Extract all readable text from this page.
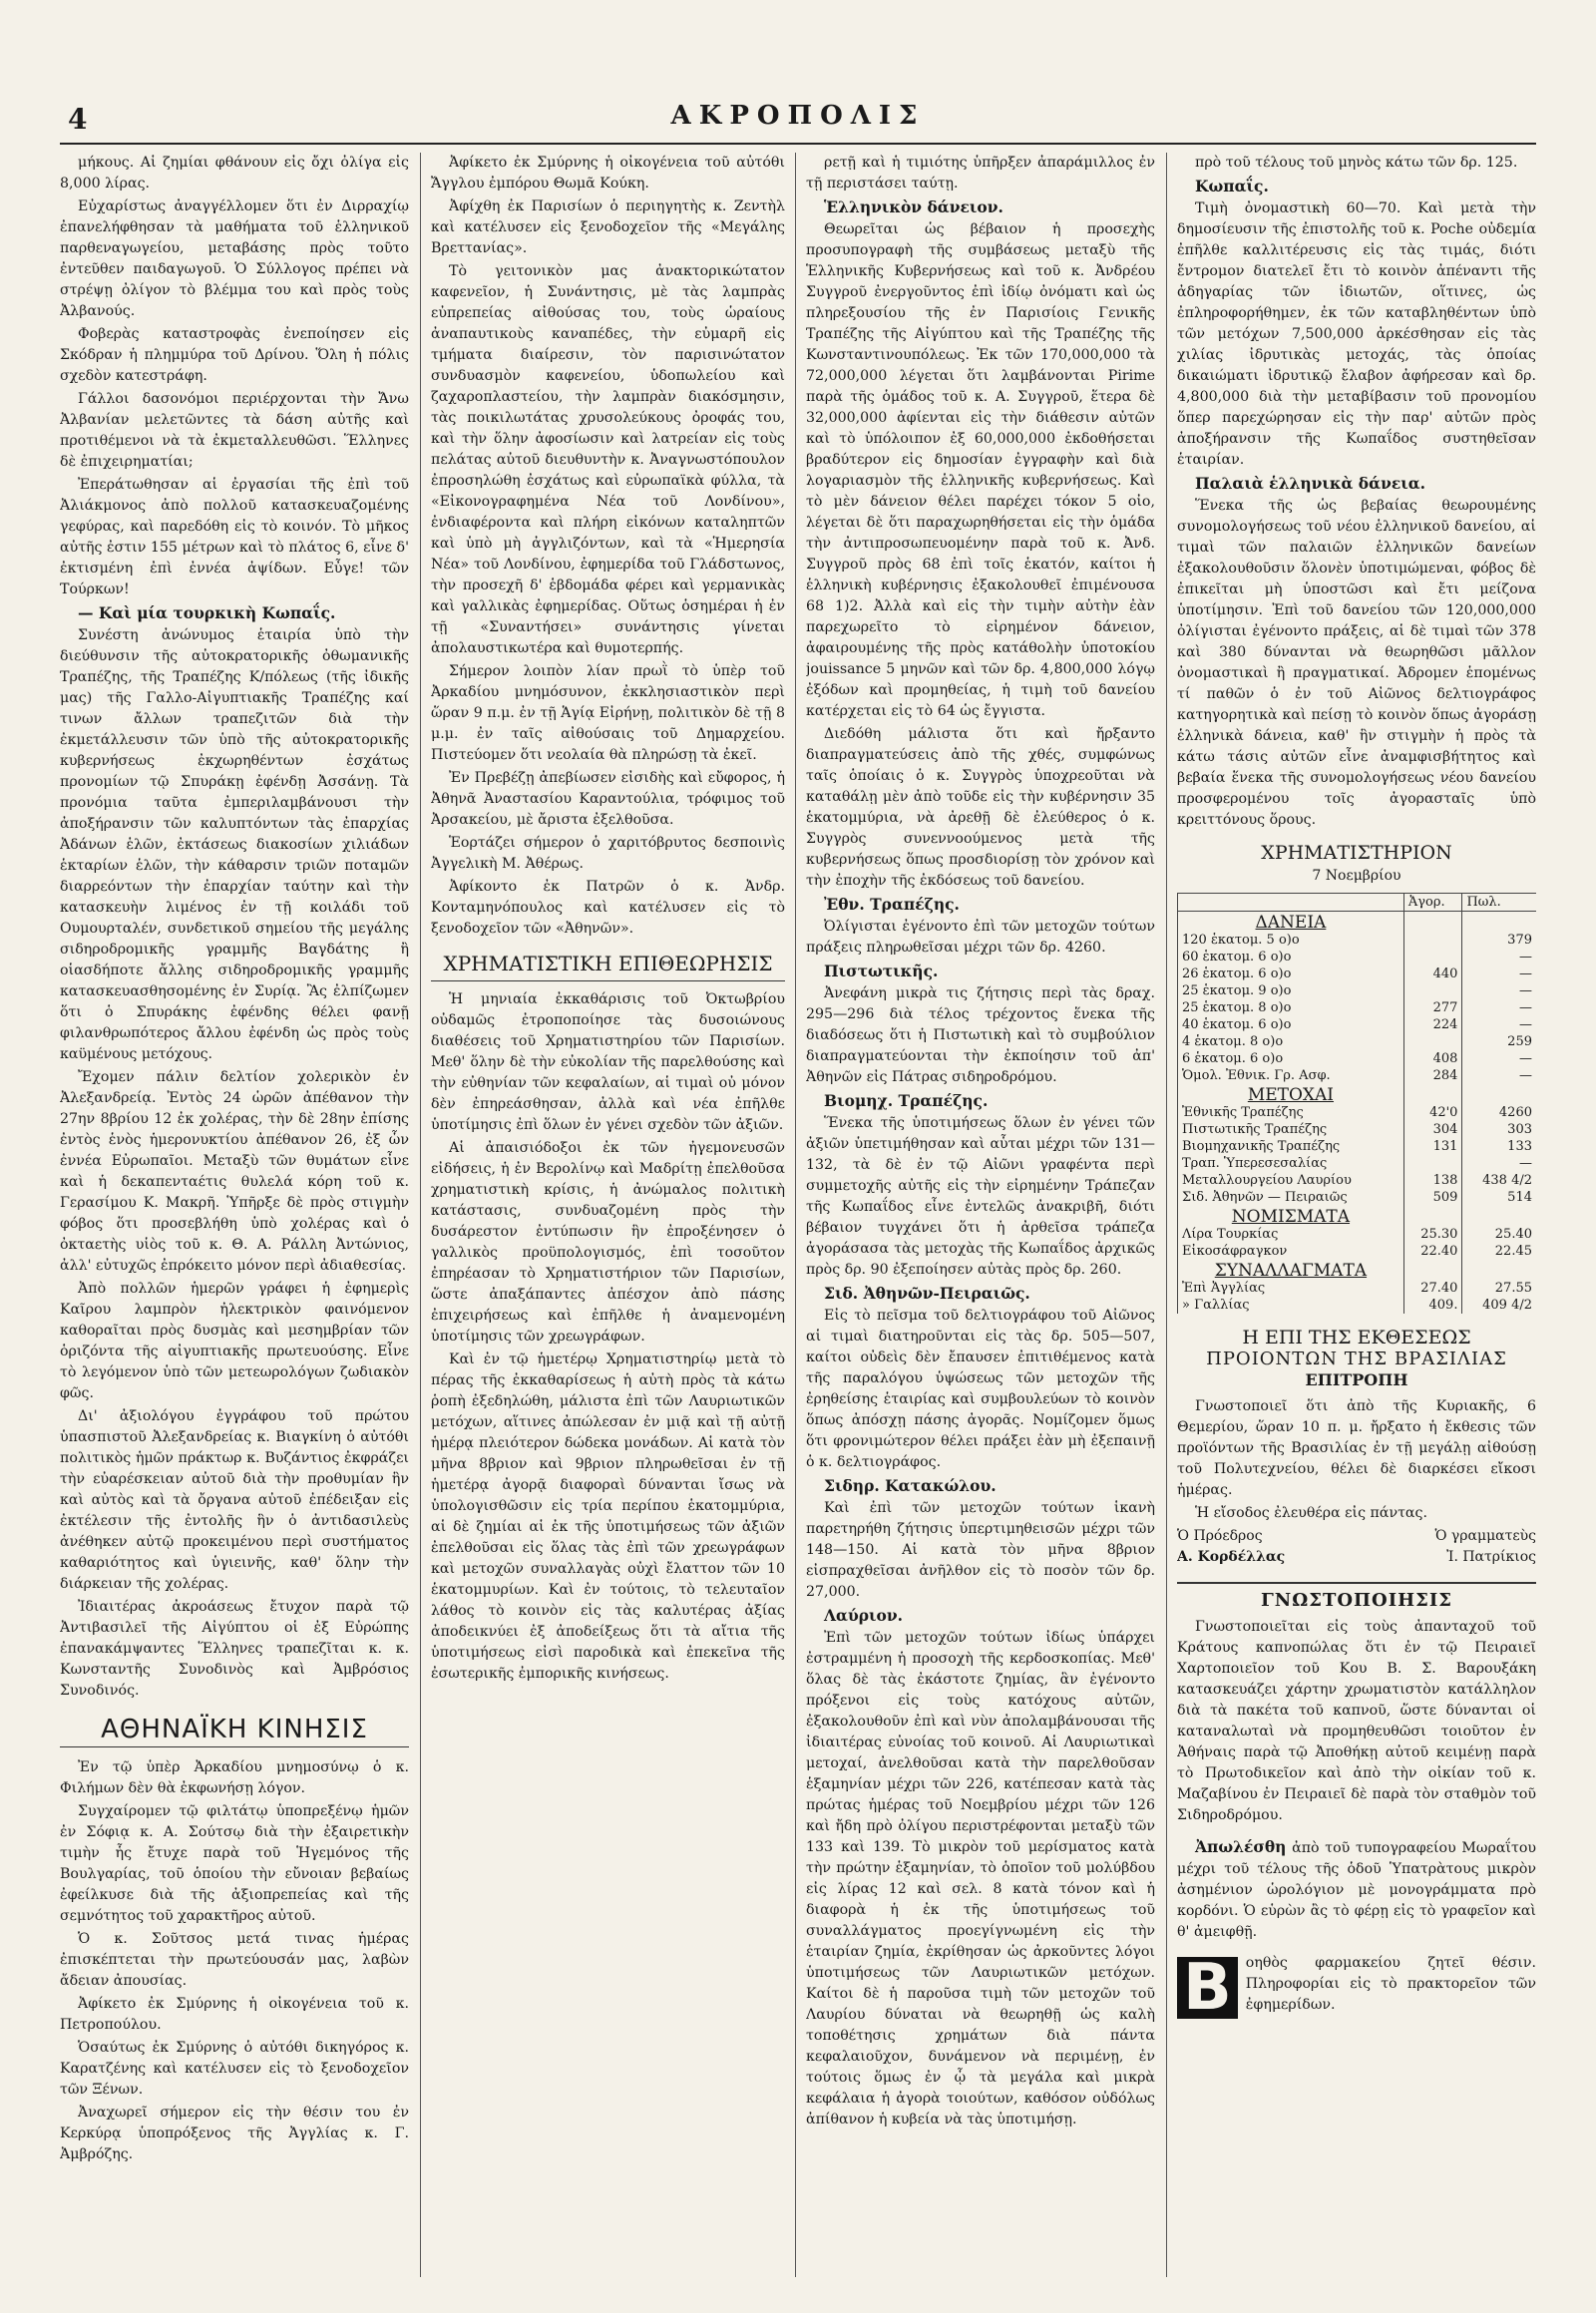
4	ΑΚΡΟΠΟΛΙΣ

μήκους. Αἱ ζημίαι φθάνουν εἰς ὄχι ὀλίγα εἰς 8,000 λίρας.

Εὐχαρίστως ἀναγγέλλομεν ὅτι ἐν Διρραχίῳ ἐπανελήφθησαν τὰ μαθήματα τοῦ ἑλληνικοῦ παρθεναγωγείου, μεταβάσης πρὸς τοῦτο ἐντεῦθεν παιδαγωγοῦ. Ὁ Σύλλογος πρέπει νὰ στρέψῃ ὀλίγον τὸ βλέμμα του καὶ πρὸς τοὺς Ἀλβανούς.

Φοβερὰς καταστροφὰς ἐνεποίησεν εἰς Σκόδραν ἡ πλημμύρα τοῦ Δρίνου. Ὅλη ἡ πόλις σχεδὸν κατεστράφη.

Γάλλοι δασονόμοι περιέρχονται τὴν Ἄνω Ἀλβανίαν μελετῶντες τὰ δάση αὐτῆς καὶ προτιθέμενοι νὰ τὰ ἐκμεταλλευθῶσι. Ἕλληνες δὲ ἐπιχειρηματίαι;

Ἐπεράτωθησαν αἱ ἐργασίαι τῆς ἐπὶ τοῦ Ἀλιάκμονος ἀπὸ πολλοῦ κατασκευαζομένης γεφύρας, καὶ παρεδόθη εἰς τὸ κοινόν. Τὸ μῆκος αὐτῆς ἐστιν 155 μέτρων καὶ τὸ πλάτος 6, εἶνε δ' ἐκτισμένη ἐπὶ ἐννέα ἀψίδων. Εὖγε! τῶν Τούρκων!

— Καὶ μία τουρκικὴ Κωπαΐς.

Συνέστη ἀνώνυμος ἑταιρία ὑπὸ τὴν διεύθυνσιν τῆς αὐτοκρατορικῆς ὀθωμανικῆς Τραπέζης, τῆς Τραπέζης Κ/πόλεως (τῆς ἰδικῆς μας) τῆς Γαλλο-Αἰγυπτιακῆς Τραπέζης καί τινων ἄλλων τραπεζιτῶν διὰ τὴν ἐκμετάλλευσιν τῶν ὑπὸ τῆς αὐτοκρατορικῆς κυβερνήσεως ἐκχωρηθέντων ἐσχάτως προνομίων τῷ Σπυράκῃ ἐφένδῃ Ἀσσάνῃ. Τὰ προνόμια ταῦτα ἐμπεριλαμβάνουσι τὴν ἀποξήρανσιν τῶν καλυπτόντων τὰς ἐπαρχίας Ἀδάνων ἑλῶν, ἐκτάσεως διακοσίων χιλιάδων ἑκταρίων ἑλῶν, τὴν κάθαρσιν τριῶν ποταμῶν διαρρεόντων τὴν ἐπαρχίαν ταύτην καὶ τὴν κατασκευὴν λιμένος ἐν τῇ κοιλάδι τοῦ Ουμουρταλέν, συνδετικοῦ σημείου τῆς μεγάλης σιδηροδρομικῆς γραμμῆς Βαγδάτης ἢ οἱασδήποτε ἄλλης σιδηροδρομικῆς γραμμῆς κατασκευασθησομένης ἐν Συρίᾳ. Ἂς ἐλπίζωμεν ὅτι ὁ Σπυράκης ἐφένδης θέλει φανῇ φιλανθρωπότερος ἄλλου ἐφένδη ὡς πρὸς τοὺς καϋμένους μετόχους.

Ἔχομεν πάλιν δελτίον χολερικὸν ἐν Ἀλεξανδρείᾳ. Ἐντὸς 24 ὡρῶν ἀπέθανον τὴν 27ην 8βρίου 12 ἐκ χολέρας, τὴν δὲ 28ην ἐπίσης ἐντὸς ἑνὸς ἡμερονυκτίου ἀπέθανον 26, ἐξ ὧν ἐννέα Εὐρωπαῖοι. Μεταξὺ τῶν θυμάτων εἶνε καὶ ἡ δεκαπενταέτις θυλελά κόρη τοῦ κ. Γερασίμου Κ. Μακρῆ. Ὑπῆρξε δὲ πρὸς στιγμὴν φόβος ὅτι προσεβλήθη ὑπὸ χολέρας καὶ ὁ ὀκταετὴς υἱὸς τοῦ κ. Θ. Α. Ράλλη Ἀντώνιος, ἀλλ' εὐτυχῶς ἐπρόκειτο μόνον περὶ ἀδιαθεσίας.

Ἀπὸ πολλῶν ἡμερῶν γράφει ἡ ἐφημερὶς Καῖρου λαμπρὸν ἠλεκτρικὸν φαινόμενον καθοραῖται πρὸς δυσμὰς καὶ μεσημβρίαν τῶν ὁριζόντα τῆς αἰγυπτιακῆς πρωτευούσης. Εἶνε τὸ λεγόμενον ὑπὸ τῶν μετεωρολόγων ζωδιακὸν φῶς.

Δι' ἀξιολόγου ἐγγράφου τοῦ πρώτου ὑπασπιστοῦ Ἀλεξανδρείας κ. Βιαγκίνη ὁ αὐτόθι πολιτικὸς ἡμῶν πράκτωρ κ. Βυζάντιος ἐκφράζει τὴν εὐαρέσκειαν αὐτοῦ διὰ τὴν προθυμίαν ἣν καὶ αὐτὸς καὶ τὰ ὄργανα αὐτοῦ ἐπέδειξαν εἰς ἐκτέλεσιν τῆς ἐντολῆς ἣν ὁ ἀντιδασιλεὺς ἀνέθηκεν αὐτῷ προκειμένου περὶ συστήματος καθαριότητος καὶ ὑγιεινῆς, καθ' ὅλην τὴν διάρκειαν τῆς χολέρας.

Ἰδιαιτέρας ἀκροάσεως ἔτυχον παρὰ τῷ Ἀντιβασιλεῖ τῆς Αἰγύπτου οἱ ἐξ Εὐρώπης ἐπανακάμψαντες Ἕλληνες τραπεζῖται κ. κ. Κωνσταντῆς Συνοδινὸς καὶ Ἀμβρόσιος Συνοδινός.

ΑΘΗΝΑΪΚΗ ΚΙΝΗΣΙΣ

Ἐν τῷ ὑπὲρ Ἀρκαδίου μνημοσύνῳ ὁ κ. Φιλήμων δὲν θὰ ἐκφωνήσῃ λόγον.

Συγχαίρομεν τῷ φιλτάτῳ ὑποπρεξένῳ ἡμῶν ἐν Σόφιᾳ κ. Α. Σούτσῳ διὰ τὴν ἐξαιρετικὴν τιμὴν ἧς ἔτυχε παρὰ τοῦ Ἡγεμόνος τῆς Βουλγαρίας, τοῦ ὁποίου τὴν εὔνοιαν βεβαίως ἐφείλκυσε διὰ τῆς ἀξιοπρεπείας καὶ τῆς σεμνότητος τοῦ χαρακτῆρος αὐτοῦ.

Ὁ κ. Σοῦτσος μετά τινας ἡμέρας ἐπισκέπτεται τὴν πρωτεύουσάν μας, λαβὼν ἄδειαν ἀπουσίας.

Ἀφίκετο ἐκ Σμύρνης ἡ οἰκογένεια τοῦ κ. Πετροπούλου.

Ὁσαύτως ἐκ Σμύρνης ὁ αὐτόθι δικηγόρος κ. Καρατζένης καὶ κατέλυσεν εἰς τὸ ξενοδοχεῖον τῶν Ξένων.

Ἀναχωρεῖ σήμερον εἰς τὴν θέσιν του ἐν Κερκύρᾳ ὑποπρόξενος τῆς Ἀγγλίας κ. Γ. Ἀμβρόζης.

Ἀφίκετο ἐκ Σμύρνης ἡ οἰκογένεια τοῦ αὐτόθι Ἄγγλου ἐμπόρου Θωμᾶ Κούκη.

Ἀφίχθη ἐκ Παρισίων ὁ περιηγητὴς κ. Ζεντὴλ καὶ κατέλυσεν εἰς ξενοδοχεῖον τῆς «Μεγάλης Βρεττανίας».

Τὸ γειτονικὸν μας ἀνακτορικώτατον καφενεῖον, ἡ Συνάντησις, μὲ τὰς λαμπρὰς εὐπρεπείας αἰθούσας του, τοὺς ὡραίους ἀναπαυτικοὺς καναπέδες, τὴν εὐμαρῆ εἰς τμήματα διαίρεσιν, τὸν παρισινώτατον συνδυασμὸν καφενείου, ὑδοπωλείου καὶ ζαχαροπλαστείου, τὴν λαμπρὰν διακόσμησιν, τὰς ποικιλωτάτας χρυσολεύκους ὀροφάς του, καὶ τὴν ὅλην ἀφοσίωσιν καὶ λατρείαν εἰς τοὺς πελάτας αὐτοῦ διευθυντὴν κ. Ἀναγνωστόπουλον ἐπροσηλώθη ἐσχάτως καὶ εὐρωπαϊκὰ φύλλα, τὰ «Εἰκονογραφημένα Νέα τοῦ Λονδίνου», ἐνδιαφέροντα καὶ πλήρη εἰκόνων καταληπτῶν καὶ ὑπὸ μὴ ἀγγλιζόντων, καὶ τὰ «Ἡμερησία Νέα» τοῦ Λονδίνου, ἐφημερίδα τοῦ Γλάδστωνος, τὴν προσεχῆ δ' ἑβδομάδα φέρει καὶ γερμανικὰς καὶ γαλλικὰς ἐφημερίδας. Οὕτως ὁσημέραι ἡ ἐν τῇ «Συναντήσει» συνάντησις γίνεται ἀπολαυστικωτέρα καὶ θυμοτερπής.

Σήμερον λοιπὸν λίαν πρωῒ τὸ ὑπὲρ τοῦ Ἀρκαδίου μνημόσυνον, ἐκκλησιαστικὸν περὶ ὥραν 9 π.μ. ἐν τῇ Ἁγίᾳ Εἰρήνῃ, πολιτικὸν δὲ τῇ 8 μ.μ. ἐν ταῖς αἰθούσαις τοῦ Δημαρχείου. Πιστεύομεν ὅτι νεολαία θὰ πληρώσῃ τὰ ἐκεῖ.

Ἐν Πρεβέζῃ ἀπεβίωσεν εἰσιδὴς καὶ εὔφορος, ἡ Ἀθηνᾶ Ἀναστασίου Καραντούλια, τρόφιμος τοῦ Ἀρσακείου, μὲ ἄριστα ἐξελθοῦσα.

Ἑορτάζει σήμερον ὁ χαριτόβρυτος δεσποινὶς Ἀγγελικὴ Μ. Ἀθέρως.

Ἀφίκοντο ἐκ Πατρῶν ὁ κ. Ἀνδρ. Κονταμηνόπουλος καὶ κατέλυσεν εἰς τὸ ξενοδοχεῖον τῶν «Ἀθηνῶν».

ΧΡΗΜΑΤΙΣΤΙΚΗ ΕΠΙΘΕΩΡΗΣΙΣ

Ἡ μηνιαία ἐκκαθάρισις τοῦ Ὀκτωβρίου οὐδαμῶς ἐτροποποίησε τὰς δυσοιώνους διαθέσεις τοῦ Χρηματιστηρίου τῶν Παρισίων. Μεθ' ὅλην δὲ τὴν εὐκολίαν τῆς παρελθούσης καὶ τὴν εὐθηνίαν τῶν κεφαλαίων, αἱ τιμαὶ οὐ μόνον δὲν ἐπηρεάσθησαν, ἀλλὰ καὶ νέα ἐπῆλθε ὑποτίμησις ἐπὶ ὅλων ἐν γένει σχεδὸν τῶν ἀξιῶν.

Αἱ ἀπαισιόδοξοι ἐκ τῶν ἠγεμονευσῶν εἰδήσεις, ἡ ἐν Βερολίνῳ καὶ Μαδρίτῃ ἐπελθοῦσα χρηματιστικὴ κρίσις, ἡ ἀνώμαλος πολιτικὴ κατάστασις, συνδυαζομένη πρὸς τὴν δυσάρεστον ἐντύπωσιν ἣν ἐπροξένησεν ὁ γαλλικὸς προϋπολογισμός, ἐπὶ τοσοῦτον ἐπηρέασαν τὸ Χρηματιστήριον τῶν Παρισίων, ὥστε ἀπαξάπαντες ἀπέσχον ἀπὸ πάσης ἐπιχειρήσεως καὶ ἐπῆλθε ἡ ἀναμενομένη ὑποτίμησις τῶν χρεωγράφων.

Καὶ ἐν τῷ ἡμετέρῳ Χρηματιστηρίῳ μετὰ τὸ πέρας τῆς ἐκκαθαρίσεως ἡ αὐτὴ πρὸς τὰ κάτω ῥοπὴ ἐξεδηλώθη, μάλιστα ἐπὶ τῶν Λαυριωτικῶν μετόχων, αἵτινες ἀπώλεσαν ἐν μιᾷ καὶ τῇ αὐτῇ ἡμέρᾳ πλειότερον δώδεκα μονάδων. Αἱ κατὰ τὸν μῆνα 8βριον καὶ 9βριον πληρωθεῖσαι ἐν τῇ ἡμετέρᾳ ἀγορᾷ διαφοραὶ δύνανται ἴσως νὰ ὑπολογισθῶσιν εἰς τρία περίπου ἑκατομμύρια, αἱ δὲ ζημίαι αἱ ἐκ τῆς ὑποτιμήσεως τῶν ἀξιῶν ἐπελθοῦσαι εἰς ὅλας τὰς ἐπὶ τῶν χρεωγράφων καὶ μετοχῶν συναλλαγὰς οὐχὶ ἔλαττον τῶν 10 ἑκατομμυρίων. Καὶ ἐν τούτοις, τὸ τελευταῖον λάθος τὸ κοινὸν εἰς τὰς καλυτέρας ἀξίας ἀποδεικνύει ἐξ ἀποδείξεως ὅτι τὰ αἴτια τῆς ὑποτιμήσεως εἰσὶ παροδικὰ καὶ ἐπεκεῖνα τῆς ἐσωτερικῆς ἐμπορικῆς κινήσεως.

ρετῇ καὶ ἡ τιμιότης ὑπῆρξεν ἀπαράμιλλος ἐν τῇ περιστάσει ταύτῃ.

Ἑλληνικὸν δάνειον.

Θεωρεῖται ὡς βέβαιον ἡ προσεχὴς προσυπογραφὴ τῆς συμβάσεως μεταξὺ τῆς Ἑλληνικῆς Κυβερνήσεως καὶ τοῦ κ. Ἀνδρέου Συγγροῦ ἐνεργοῦντος ἐπὶ ἰδίῳ ὀνόματι καὶ ὡς πληρεξουσίου τῆς ἐν Παρισίοις Γενικῆς Τραπέζης τῆς Αἰγύπτου καὶ τῆς Τραπέζης τῆς Κωνσταντινουπόλεως. Ἐκ τῶν 170,000,000 τὰ 72,000,000 λέγεται ὅτι λαμβάνονται Pirime παρὰ τῆς ὁμάδος τοῦ κ. Α. Συγγροῦ, ἕτερα δὲ 32,000,000 ἀφίενται εἰς τὴν διάθεσιν αὐτῶν καὶ τὸ ὑπόλοιπον ἐξ 60,000,000 ἐκδοθήσεται βραδύτερον εἰς δημοσίαν ἐγγραφὴν καὶ διὰ λογαριασμὸν τῆς ἑλληνικῆς κυβερνήσεως. Καὶ τὸ μὲν δάνειον θέλει παρέχει τόκον 5 οἰο, λέγεται δὲ ὅτι παραχωρηθήσεται εἰς τὴν ὁμάδα τὴν ἀντιπροσωπευομένην παρὰ τοῦ κ. Ἀνδ. Συγγροῦ πρὸς 68 ἐπὶ τοῖς ἑκατόν, καίτοι ἡ ἑλληνικὴ κυβέρνησις ἐξακολουθεῖ ἐπιμένουσα 68 1)2. Ἀλλὰ καὶ εἰς τὴν τιμὴν αὐτὴν ἐὰν παρεχωρεῖτο τὸ εἰρημένον δάνειον, ἀφαιρουμένης τῆς πρὸς κατάθολὴν ὑποτοκίου jouissance 5 μηνῶν καὶ τῶν δρ. 4,800,000 λόγῳ ἐξόδων καὶ προμηθείας, ἡ τιμὴ τοῦ δανείου κατέρχεται εἰς τὸ 64 ὡς ἔγγιστα.

Διεδόθη μάλιστα ὅτι καὶ ἤρξαντο διαπραγματεύσεις ἀπὸ τῆς χθές, συμφώνως ταῖς ὁποίαις ὁ κ. Συγγρὸς ὑποχρεοῦται νὰ καταθάλῃ μὲν ἀπὸ τοῦδε εἰς τὴν κυβέρνησιν 35 ἑκατομμύρια, νὰ ἀρεθῇ δὲ ἐλεύθερος ὁ κ. Συγγρὸς συνεννοούμενος μετὰ τῆς κυβερνήσεως ὅπως προσδιορίσῃ τὸν χρόνον καὶ τὴν ἐποχὴν τῆς ἐκδόσεως τοῦ δανείου.

Ἐθν. Τραπέζης.

Ὀλίγισται ἐγένοντο ἐπὶ τῶν μετοχῶν τούτων πράξεις πληρωθεῖσαι μέχρι τῶν δρ. 4260.

Πιστωτικῆς.

Ἀνεφάνη μικρὰ τις ζήτησις περὶ τὰς δραχ. 295—296 διὰ τέλος τρέχοντος ἕνεκα τῆς διαδόσεως ὅτι ἡ Πιστωτικὴ καὶ τὸ συμβούλιον διαπραγματεύονται τὴν ἐκποίησιν τοῦ ἀπ' Ἀθηνῶν εἰς Πάτρας σιδηροδρόμου.

Βιομηχ. Τραπέζης.

Ἕνεκα τῆς ὑποτιμήσεως ὅλων ἐν γένει τῶν ἀξιῶν ὑπετιμήθησαν καὶ αὗται μέχρι τῶν 131—132, τὰ δὲ ἐν τῷ Αἰῶνι γραφέντα περὶ συμμετοχῆς αὐτῆς εἰς τὴν εἰρημένην Τράπεζαν τῆς Κωπαΐδος εἶνε ἐντελῶς ἀνακριβῆ, διότι βέβαιον τυγχάνει ὅτι ἡ ἀρθεῖσα τράπεζα ἀγοράσασα τὰς μετοχὰς τῆς Κωπαΐδος ἀρχικῶς πρὸς δρ. 90 ἐξεποίησεν αὐτὰς πρὸς δρ. 260.

Σιδ. Ἀθηνῶν-Πειραιῶς.

Εἰς τὸ πεῖσμα τοῦ δελτιογράφου τοῦ Αἰῶνος αἱ τιμαὶ διατηροῦνται εἰς τὰς δρ. 505—507, καίτοι οὐδεὶς δὲν ἔπαυσεν ἐπιτιθέμενος κατὰ τῆς παραλόγου ὑψώσεως τῶν μετοχῶν τῆς ἐρηθείσης ἑταιρίας καὶ συμβουλεύων τὸ κοινὸν ὅπως ἀπόσχῃ πάσης ἀγορᾶς. Νομίζομεν ὅμως ὅτι φρονιμώτερον θέλει πράξει ἐὰν μὴ ἐξεπαινῇ ὁ κ. δελτιογράφος.

Σιδηρ. Κατακώλου.

Καὶ ἐπὶ τῶν μετοχῶν τούτων ἱκανὴ παρετηρήθη ζήτησις ὑπερτιμηθεισῶν μέχρι τῶν 148—150. Αἱ κατὰ τὸν μῆνα 8βριον εἰσπραχθεῖσαι ἀνῆλθον εἰς τὸ ποσὸν τῶν δρ. 27,000.

Λαύριον.

Ἐπὶ τῶν μετοχῶν τούτων ἰδίως ὑπάρχει ἐστραμμένη ἡ προσοχὴ τῆς κερδοσκοπίας. Μεθ' ὅλας δὲ τὰς ἐκάστοτε ζημίας, ἃν ἐγένοντο πρόξενοι εἰς τοὺς κατόχους αὐτῶν, ἐξακολουθοῦν ἐπὶ καὶ νὺν ἀπολαμβάνουσαι τῆς ἰδιαιτέρας εὐνοίας τοῦ κοινοῦ. Αἱ Λαυριωτικαὶ μετοχαί, ἀνελθοῦσαι κατὰ τὴν παρελθοῦσαν ἑξαμηνίαν μέχρι τῶν 226, κατέπεσαν κατὰ τὰς πρώτας ἡμέρας τοῦ Νοεμβρίου μέχρι τῶν 126 καὶ ἤδη πρὸ ὀλίγου περιστρέφονται μεταξὺ τῶν 133 καὶ 139. Τὸ μικρὸν τοῦ μερίσματος κατὰ τὴν πρώτην ἑξαμηνίαν, τὸ ὁποῖον τοῦ μολύβδου εἰς λίρας 12 καὶ σελ. 8 κατὰ τόνον καὶ ἡ διαφορὰ ἡ ἐκ τῆς ὑποτιμήσεως τοῦ συναλλάγματος προεγίγνωμένη εἰς τὴν ἑταιρίαν ζημία, ἐκρίθησαν ὡς ἀρκοῦντες λόγοι ὑποτιμήσεως τῶν Λαυριωτικῶν μετόχων. Καίτοι δὲ ἡ παροῦσα τιμὴ τῶν μετοχῶν τοῦ Λαυρίου δύναται νὰ θεωρηθῇ ὡς καλὴ τοποθέτησις χρημάτων διὰ πάντα κεφαλαιοῦχον, δυνάμενον νὰ περιμένῃ, ἐν τούτοις ὅμως ἐν ᾧ τὰ μεγάλα καὶ μικρὰ κεφάλαια ἡ ἀγορὰ τοιούτων, καθόσον οὐδόλως ἀπίθανον ἡ κυβεία νὰ τὰς ὑποτιμήσῃ.

πρὸ τοῦ τέλους τοῦ μηνὸς κάτω τῶν δρ. 125.

Κωπαΐς.

Τιμὴ ὀνομαστικὴ 60—70. Καὶ μετὰ τὴν δημοσίευσιν τῆς ἐπιστολῆς τοῦ κ. Poche οὐδεμία ἐπῆλθε καλλιτέρευσις εἰς τὰς τιμάς, διότι ἔντρομον διατελεῖ ἔτι τὸ κοινὸν ἀπέναντι τῆς ἀδηγαρίας τῶν ἰδιωτῶν, οἵτινες, ὡς ἐπληροφορήθημεν, ἐκ τῶν καταβληθέντων ὑπὸ τῶν μετόχων 7,500,000 ἀρκέσθησαν εἰς τὰς χιλίας ἰδρυτικὰς μετοχάς, τὰς ὁποίας δικαιώματι ἰδρυτικῷ ἔλαβον ἀφήρεσαν καὶ δρ. 4,800,000 διὰ τὴν μεταβίβασιν τοῦ προνομίου ὅπερ παρεχώρησαν εἰς τὴν παρ' αὐτῶν πρὸς ἀποξήρανσιν τῆς Κωπαΐδος συστηθεῖσαν ἑταιρίαν.

Παλαιὰ ἑλληνικὰ δάνεια.

Ἕνεκα τῆς ὡς βεβαίας θεωρουμένης συνομολογήσεως τοῦ νέου ἑλληνικοῦ δανείου, αἱ τιμαὶ τῶν παλαιῶν ἑλληνικῶν δανείων ἐξακολουθοῦσιν ὅλονὲν ὑποτιμώμεναι, φόβος δὲ ἐπικεῖται μὴ ὑποστῶσι καὶ ἔτι μείζονα ὑποτίμησιν. Ἐπὶ τοῦ δανείου τῶν 120,000,000 ὀλίγισται ἐγένοντο πράξεις, αἱ δὲ τιμαὶ τῶν 378 καὶ 380 δύνανται νὰ θεωρηθῶσι μᾶλλον ὀνομαστικαὶ ἢ πραγματικαί. Ἀδρομεν ἑπομένως τί παθῶν ὁ ἐν τοῦ Αἰῶνος δελτιογράφος κατηγορητικὰ καὶ πείσῃ τὸ κοινὸν ὅπως ἀγοράσῃ ἑλληνικὰ δάνεια, καθ' ἣν στιγμὴν ἡ πρὸς τὰ κάτω τάσις αὐτῶν εἶνε ἀναμφισβήτητος καὶ βεβαία ἕνεκα τῆς συνομολογήσεως νέου δανείου προσφερομένου τοῖς ἀγορασταῖς ὑπὸ κρειττόνους ὅρους.

ΧΡΗΜΑΤΙΣΤΗΡΙΟΝ
7 Νοεμβρίου
	Ἀγορ.	Πωλ.
ΔΑΝΕΙΑ		
120 ἑκατομ. 5 ο)ο		379
60 ἑκατομ. 6 ο)ο		—
26 ἑκατομ. 6 ο)ο	440	—
25 ἑκατομ. 9 ο)ο		—
25 ἑκατομ. 8 ο)ο	277	—
40 ἑκατομ. 6 ο)ο	224	—
4 ἑκατομ. 8 ο)ο		259
6 ἑκατομ. 6 ο)ο	408	—
Ὁμολ. Ἐθνικ. Γρ. Ασφ.	284	—
ΜΕΤΟΧΑΙ		
Ἐθνικῆς Τραπέζης	42'0	4260
Πιστωτικῆς Τραπέζης	304	303
Βιομηχανικῆς Τραπέζης	131	133
Τραπ. Ὑπερεσεσαλίας		—
Μεταλλουργείου Λαυρίου	138	438 4/2
Σιδ. Ἀθηνῶν — Πειραιῶς	509	514
ΝΟΜΙΣΜΑΤΑ		
Λίρα Τουρκίας	25.30	25.40
Εἰκοσάφραγκον	22.40	22.45
ΣΥΝΑΛΛΑΓΜΑΤΑ		
Ἐπὶ Ἀγγλίας	27.40	27.55
» Γαλλίας	409.	409 4/2
Η ΕΠΙ ΤΗΣ ΕΚΘΕΣΕΩΣ
ΠΡΟΙΟΝΤΩΝ ΤΗΣ ΒΡΑΣΙΛΙΑΣ
ΕΠΙΤΡΟΠΗ

Γνωστοποιεῖ ὅτι ἀπὸ τῆς Κυριακῆς, 6 Θεμερίου, ὥραν 10 π. μ. ἤρξατο ἡ ἔκθεσις τῶν προϊόντων τῆς Βρασιλίας ἐν τῇ μεγάλῃ αἰθούσῃ τοῦ Πολυτεχνείου, θέλει δὲ διαρκέσει εἴκοσι ἡμέρας.

Ἡ εἴσοδος ἐλευθέρα εἰς πάντας.

Ὁ Πρόεδρος	Ὁ γραμματεὺς
Α. Κορδέλλας	Ἰ. Πατρίκιος
ΓΝΩΣΤΟΠΟΙΗΣΙΣ

Γνωστοποιεῖται εἰς τοὺς ἀπανταχοῦ τοῦ Κράτους καπνοπώλας ὅτι ἐν τῷ Πειραιεῖ Χαρτοποιεῖον τοῦ Κου Β. Σ. Βαρουξάκη κατασκευάζει χάρτην χρωματιστὸν κατάλληλον διὰ τὰ πακέτα τοῦ καπνοῦ, ὥστε δύνανται οἱ καταναλωταὶ νὰ προμηθευθῶσι τοιοῦτον ἐν Ἀθήναις παρὰ τῷ Ἀποθήκῃ αὐτοῦ κειμένῃ παρὰ τὸ Πρωτοδικεῖον καὶ ἀπὸ τὴν οἰκίαν τοῦ κ. Μαζαβίνου ἐν Πειραιεῖ δὲ παρὰ τὸν σταθμὸν τοῦ Σιδηροδρόμου.

Ἀπωλέσθη ἀπὸ τοῦ τυπογραφείου Μωραΐτου μέχρι τοῦ τέλους τῆς ὁδοῦ Ὑπατρὰτους μικρὸν ἀσημένιον ὡρολόγιον μὲ μονογράμματα πρὸ κορδόνι. Ὁ εὑρὼν ἂς τὸ φέρῃ εἰς τὸ γραφεῖον καὶ θ' ἀμειφθῇ.

Β οηθὸς φαρμακείου ζητεῖ θέσιν. Πληροφορίαι εἰς τὸ πρακτορεῖον τῶν ἐφημερίδων.
